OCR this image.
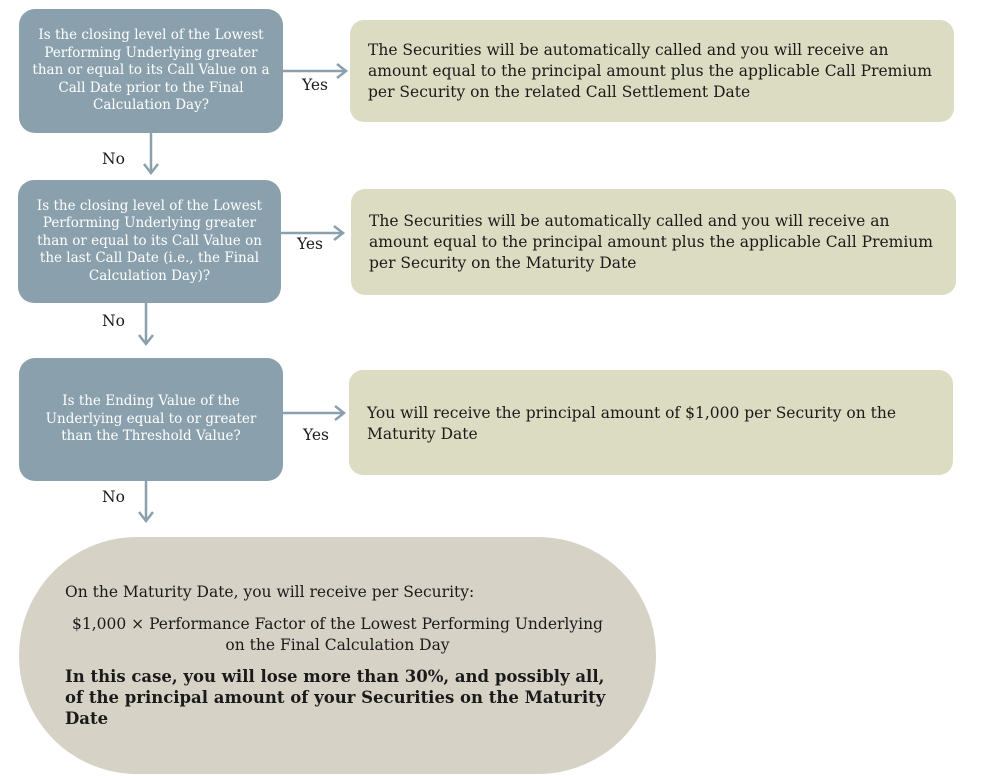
Is the closing level of the Lowest Performing Underlying greater than or equal to its Call Value on a Call Date prior to the Final Calculation Day?
Is the closing level of the Lowest Performing Underlying greater than or equal to its Call Value on the last Call Date (i.e., the Final Calculation Day)?
Is the Ending Value of the Underlying equal to or greater than the Threshold Value?
The Securities will be automatically called and you will receive an amount equal to the principal amount plus the applicable Call Premium per Security on the related Call Settlement Date
The Securities will be automatically called and you will receive an amount equal to the principal amount plus the applicable Call Premium per Security on the Maturity Date
You will receive the principal amount of $1,000 per Security on the Maturity Date
Yes
Yes
Yes
No
No
No
On the Maturity Date, you will receive per Security:
$1,000 × Performance Factor of the Lowest Performing Underlying
on the Final Calculation Day
In this case, you will lose more than 30%, and possibly all, of the principal amount of your Securities on the Maturity Date
